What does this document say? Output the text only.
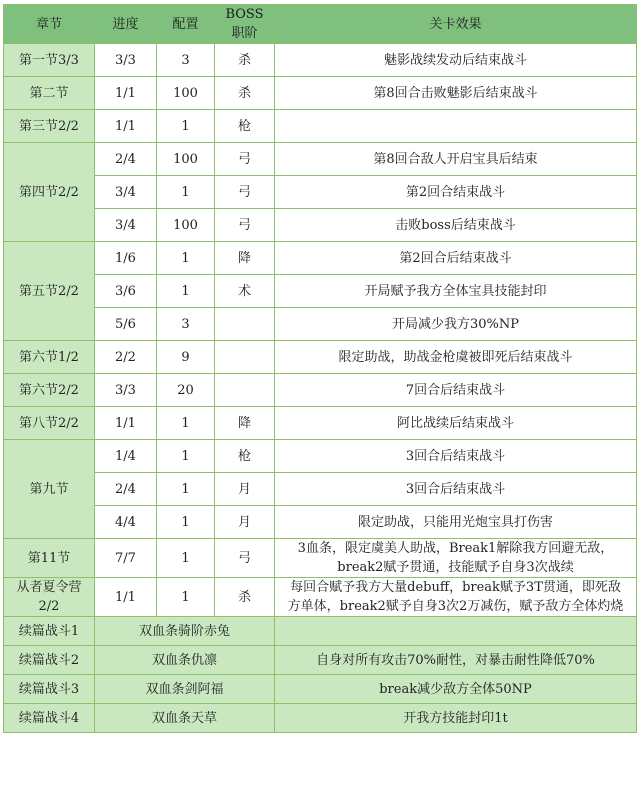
章节	进度	配置	BOSS职阶	关卡效果
第一节3/3	3/3	3	杀	魅影战续发动后结束战斗
第二节	1/1	100	杀	第8回合击败魅影后结束战斗
第三节2/2	1/1	1	枪	
第四节2/2	2/4	100	弓	第8回合敌人开启宝具后结束
	3/4	1	弓	第2回合结束战斗
	3/4	100	弓	击败boss后结束战斗
第五节2/2	1/6	1	降	第2回合后结束战斗
	3/6	1	术	开局赋予我方全体宝具技能封印
	5/6	3		开局减少我方30%NP
第六节1/2	2/2	9		限定助战，助战金枪虞被即死后结束战斗
第六节2/2	3/3	20		7回合后结束战斗
第八节2/2	1/1	1	降	阿比战续后结束战斗
第九节	1/4	1	枪	3回合后结束战斗
	2/4	1	月	3回合后结束战斗
	4/4	1	月	限定助战，只能用光炮宝具打伤害
第11节	7/7	1	弓	3血条，限定虞美人助战，Break1解除我方回避无敌，break2赋予贯通，技能赋予自身3次战续
从者夏令营2/2	1/1	1	杀	每回合赋予我方大量debuff，break赋予3T贯通，即死敌方单体，break2赋予自身3次2万减伤，赋予敌方全体灼烧
续篇战斗1	双血条骑阶赤兔			
续篇战斗2	双血条仇凛			自身对所有攻击70%耐性，对暴击耐性降低70%
续篇战斗3	双血条剑阿福			break减少敌方全体50NP
续篇战斗4	双血条天草			开我方技能封印1t
